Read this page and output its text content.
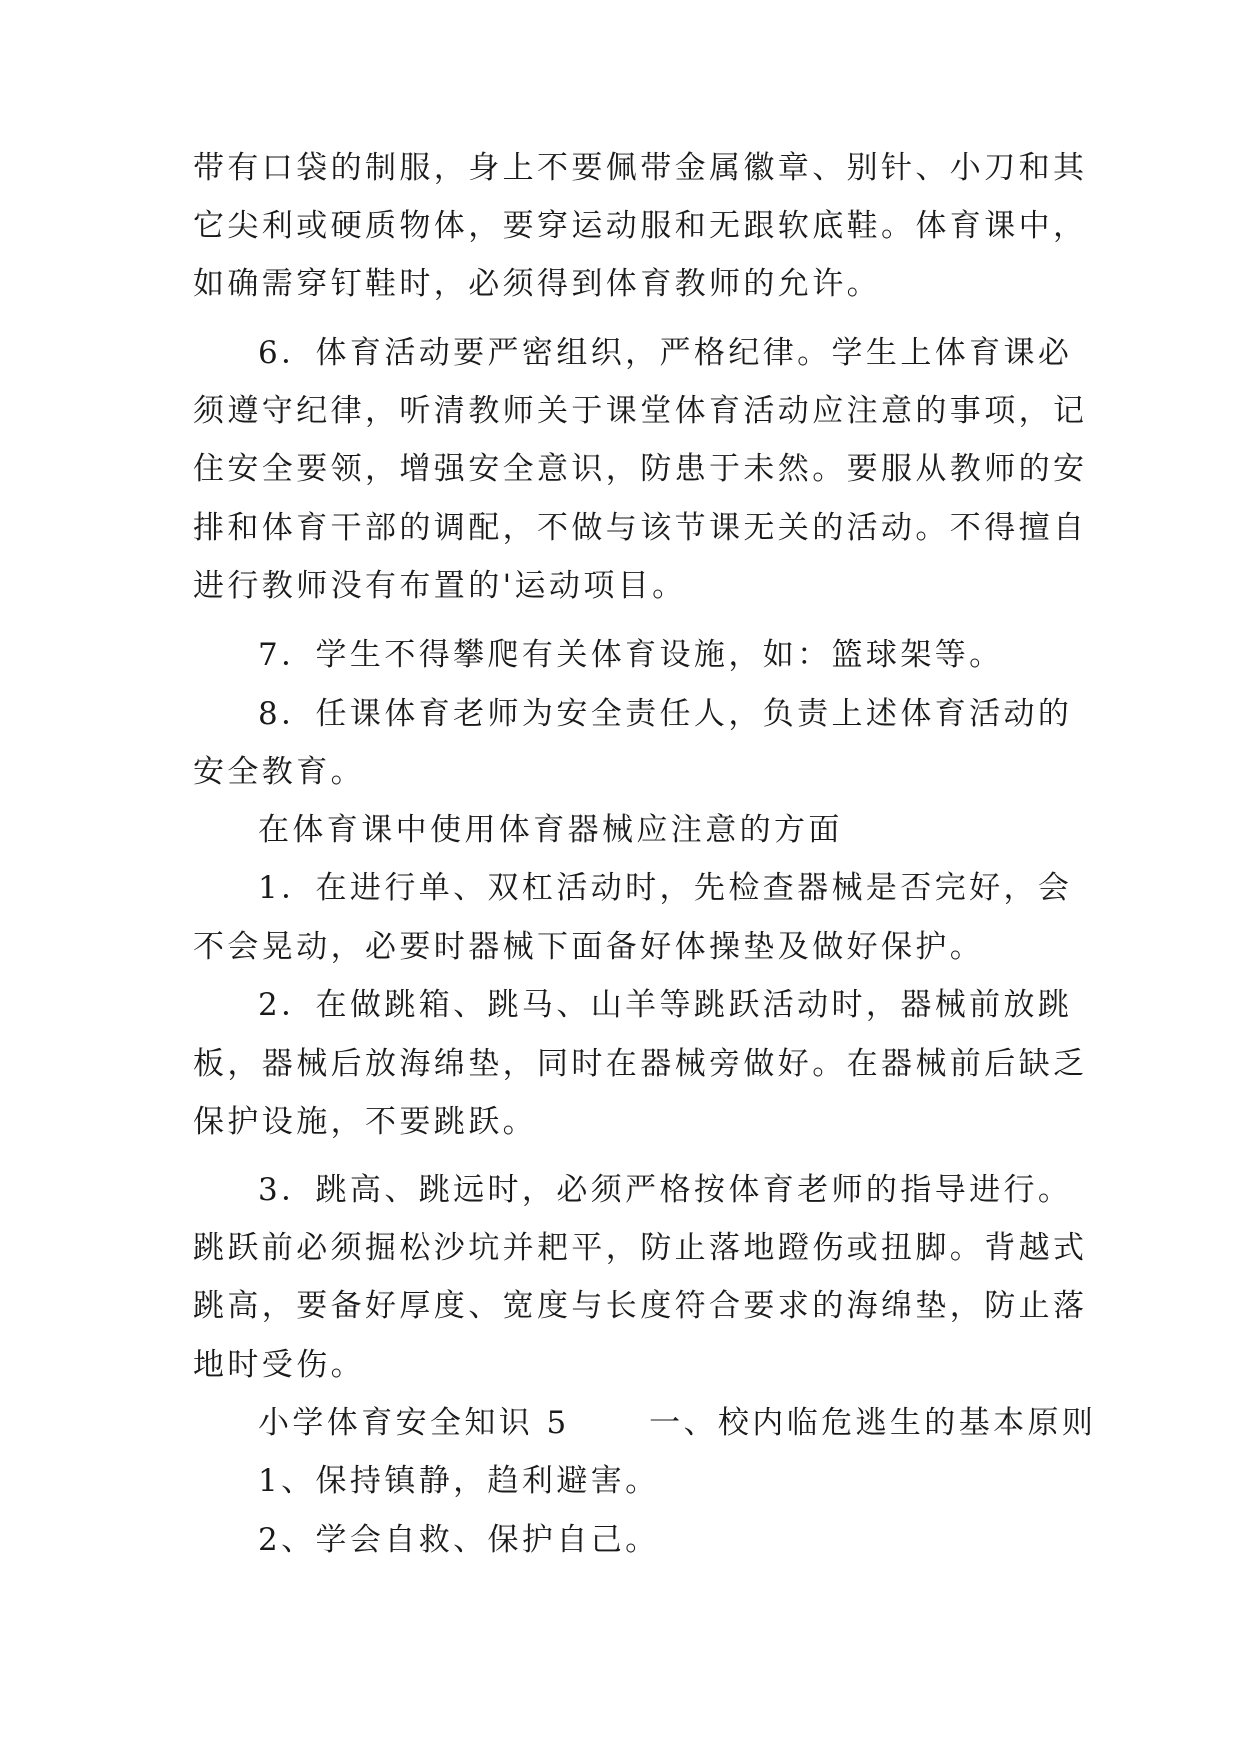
带有口袋的制服，身上不要佩带金属徽章、别针、小刀和其
它尖利或硬质物体，要穿运动服和无跟软底鞋。体育课中，
如确需穿钉鞋时，必须得到体育教师的允许。
6．体育活动要严密组织，严格纪律。学生上体育课必
须遵守纪律，听清教师关于课堂体育活动应注意的事项，记
住安全要领，增强安全意识，防患于未然。要服从教师的安
排和体育干部的调配，不做与该节课无关的活动。不得擅自
进行教师没有布置的'运动项目。
7．学生不得攀爬有关体育设施，如：篮球架等。
8．任课体育老师为安全责任人，负责上述体育活动的
安全教育。
在体育课中使用体育器械应注意的方面
1．在进行单、双杠活动时，先检查器械是否完好，会
不会晃动，必要时器械下面备好体操垫及做好保护。
2．在做跳箱、跳马、山羊等跳跃活动时，器械前放跳
板，器械后放海绵垫，同时在器械旁做好。在器械前后缺乏
保护设施，不要跳跃。
3．跳高、跳远时，必须严格按体育老师的指导进行。
跳跃前必须掘松沙坑并耙平，防止落地蹬伤或扭脚。背越式
跳高，要备好厚度、宽度与长度符合要求的海绵垫，防止落
地时受伤。
小学体育安全知识 5      一、校内临危逃生的基本原则
1、保持镇静，趋利避害。
2、学会自救、保护自己。
